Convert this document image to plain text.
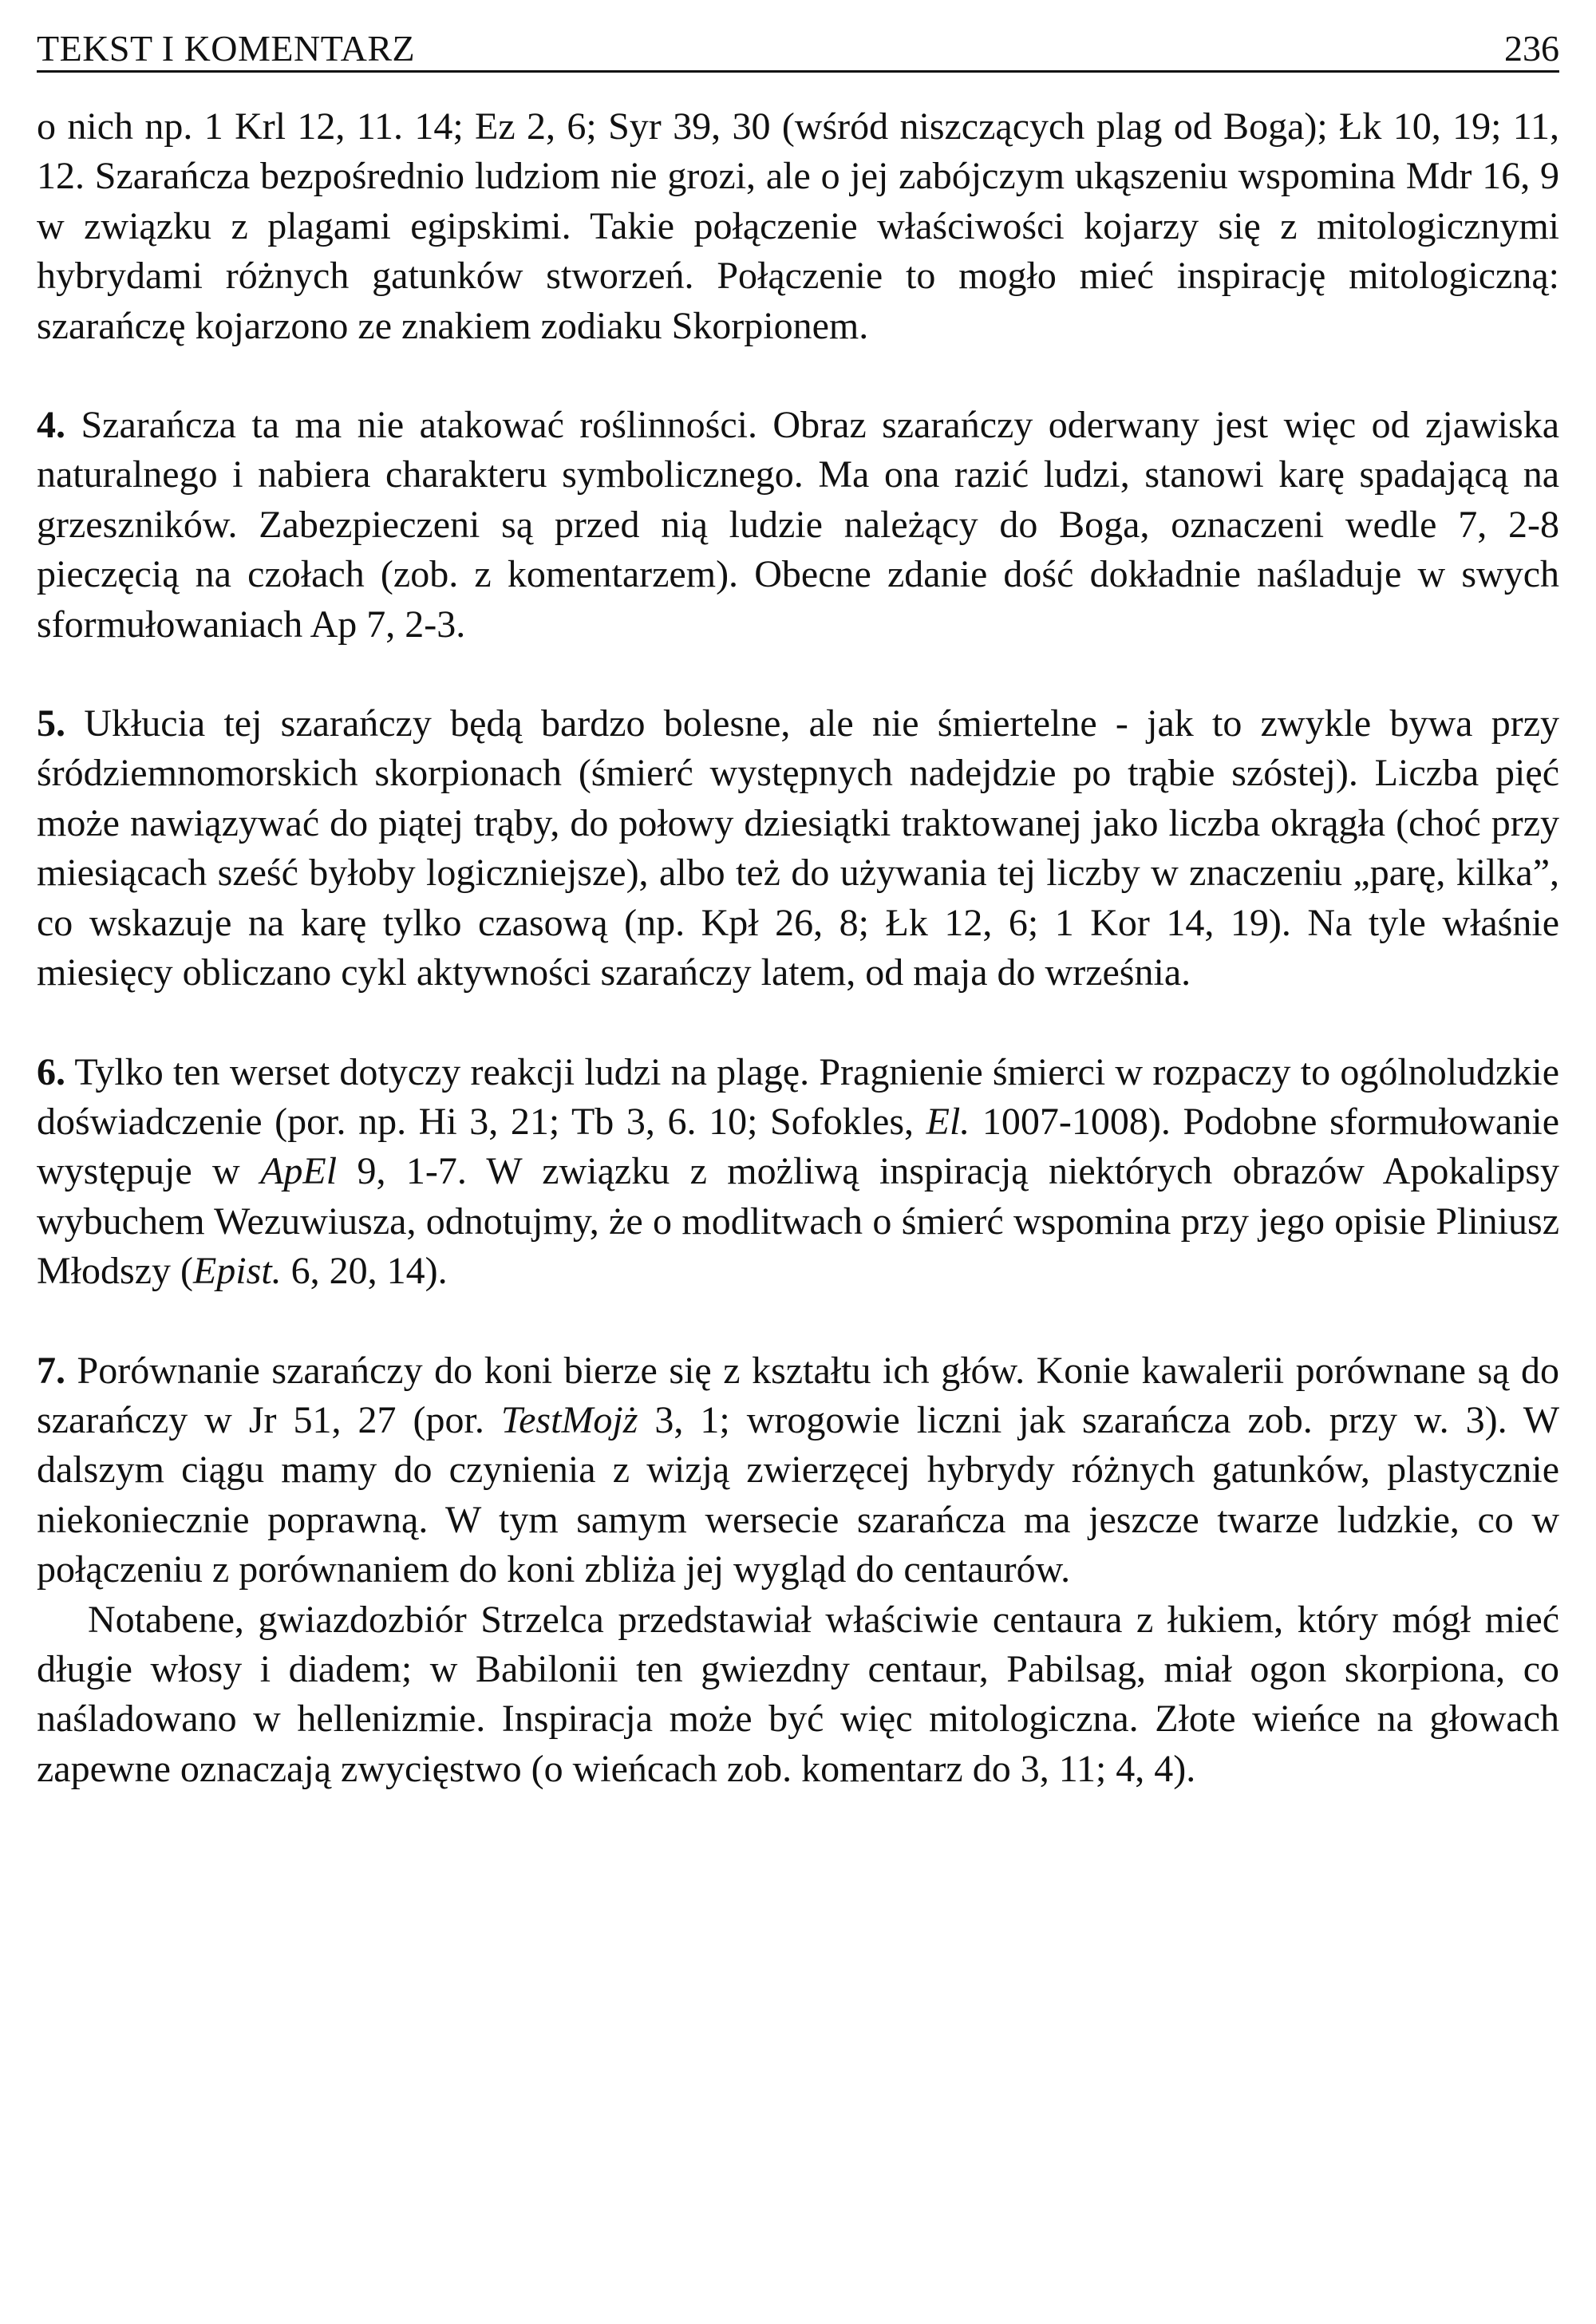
TEKST I KOMENTARZ	236

o nich np. 1 Krl 12, 11. 14; Ez 2, 6; Syr 39, 30 (wśród niszczących plag od Boga); Łk 10, 19; 11, 12. Szarańcza bezpośrednio ludziom nie grozi, ale o jej zabójczym ukąszeniu wspomina Mdr 16, 9 w związku z plagami egipskimi. Takie połączenie właściwości kojarzy się z mitologicznymi hybrydami różnych gatunków stworzeń. Połączenie to mogło mieć inspirację mitologiczną: szarańczę kojarzono ze znakiem zodiaku Skorpionem.

4. Szarańcza ta ma nie atakować roślinności. Obraz szarańczy oderwany jest więc od zjawiska naturalnego i nabiera charakteru symbolicznego. Ma ona razić ludzi, stanowi karę spadającą na grzeszników. Zabezpieczeni są przed nią ludzie należący do Boga, oznaczeni wedle 7, 2-8 pieczęcią na czołach (zob. z komentarzem). Obecne zdanie dość dokładnie naśladuje w swych sformułowaniach Ap 7, 2-3.

5. Ukłucia tej szarańczy będą bardzo bolesne, ale nie śmiertelne - jak to zwykle bywa przy śródziemnomorskich skorpionach (śmierć występnych nadejdzie po trąbie szóstej). Liczba pięć może nawiązywać do piątej trąby, do połowy dziesiątki traktowanej jako liczba okrągła (choć przy miesiącach sześć byłoby logiczniejsze), albo też do używania tej liczby w znaczeniu „parę, kilka”, co wskazuje na karę tylko czasową (np. Kpł 26, 8; Łk 12, 6; 1 Kor 14, 19). Na tyle właśnie miesięcy obliczano cykl aktywności szarańczy latem, od maja do września.

6. Tylko ten werset dotyczy reakcji ludzi na plagę. Pragnienie śmierci w rozpaczy to ogólnoludzkie doświadczenie (por. np. Hi 3, 21; Tb 3, 6. 10; Sofokles, El. 1007-1008). Podobne sformułowanie występuje w ApEl 9, 1-7. W związku z możliwą inspiracją niektórych obrazów Apokalipsy wybuchem Wezuwiusza, odnotujmy, że o modlitwach o śmierć wspomina przy jego opisie Pliniusz Młodszy (Epist. 6, 20, 14).

7. Porównanie szarańczy do koni bierze się z kształtu ich głów. Konie kawalerii porównane są do szarańczy w Jr 51, 27 (por. TestMojż 3, 1; wrogowie liczni jak szarańcza zob. przy w. 3). W dalszym ciągu mamy do czynienia z wizją zwierzęcej hybrydy różnych gatunków, plastycznie niekoniecznie poprawną. W tym samym wersecie szarańcza ma jeszcze twarze ludzkie, co w połączeniu z porównaniem do koni zbliża jej wygląd do centaurów.

Notabene, gwiazdozbiór Strzelca przedstawiał właściwie centaura z łukiem, który mógł mieć długie włosy i diadem; w Babilonii ten gwiezdny centaur, Pabilsag, miał ogon skorpiona, co naśladowano w hellenizmie. Inspiracja może być więc mitologiczna. Złote wieńce na głowach zapewne oznaczają zwycięstwo (o wieńcach zob. komentarz do 3, 11; 4, 4).
